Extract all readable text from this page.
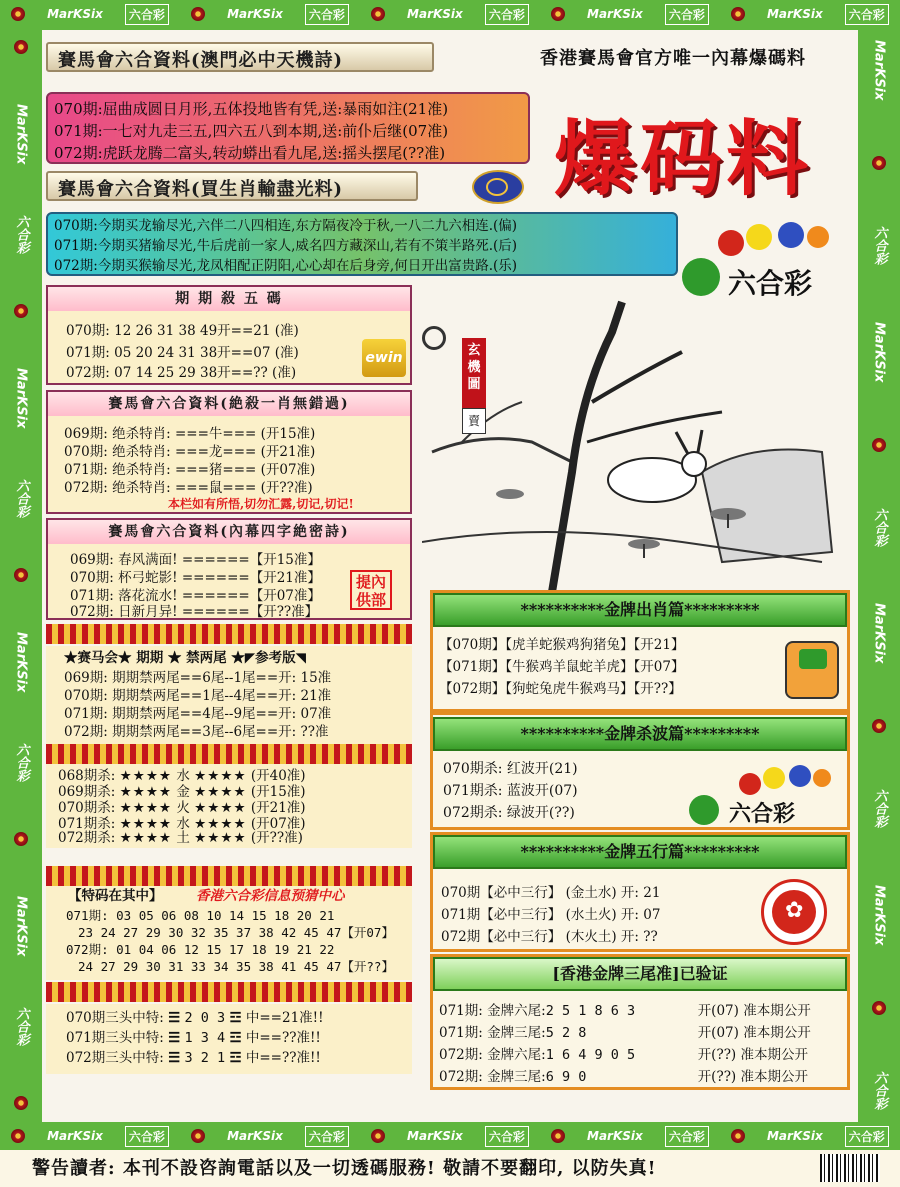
MarKSix	六合彩	MarKSix	六合彩	MarKSix	六合彩	MarKSix	六合彩	MarKSix	六合彩
MarKSix	六合彩	MarKSix	六合彩	MarKSix	六合彩	MarKSix	六合彩	MarKSix	六合彩
MarKSix
六合彩
MarKSix
六合彩
MarKSix
六合彩
MarKSix
六合彩
MarKSix
六合彩
MarKSix
六合彩
MarKSix
六合彩
MarKSix
六合彩
賽馬會六合資料(澳門必中天機詩)	香港賽馬會官方唯一內幕爆碼料
070期:屈曲成圆日月形,五体投地皆有凭,送:暴雨如注(21准)
071期:一七对九走三五,四六五八到本期,送:前仆后继(07准)
072期:虎跃龙腾二富头,转动蟒出看九尾,送:摇头摆尾(??准)	爆码料
賽馬會六合資料(買生肖輸盡光料)
070期:今期买龙输尽光,六伴二八四相连,东方隔夜冷于秋,一八二九六相连.(偏)
071期:今期买猪输尽光,牛后虎前一家人,威名四方藏深山,若有不策半路死.(后)
072期:今期买猴输尽光,龙凤相配正阴阳,心心却在后身旁,何日开出富贵路.(乐)
六合彩
期 期 殺 五 碼
070期: 12 26 31 38 49开==21 (准)
071期: 05 20 24 31 38开==07 (准)
072期: 07 14 25 29 38开==?? (准)
ewin
賽馬會六合資料(絶殺一肖無錯過)
069期: 绝杀特肖: ===牛=== (开15准)
070期: 绝杀特肖: ===龙=== (开21准)
071期: 绝杀特肖: ===猪=== (开07准)
072期: 绝杀特肖: ===鼠=== (开??准)
本栏如有所悟,切勿汇露,切记,切记!
賽馬會六合資料(內幕四字絶密詩)
069期: 春风满面! ======【开15准】
070期: 杯弓蛇影! ======【开21准】
071期: 落花流水! ======【开07准】
072期: 日新月异! ======【开??准】
提內供部
★赛马会★ 期期 ★ 禁两尾 ★◤参考版◥
069期: 期期禁两尾==6尾--1尾==开: 15准
070期: 期期禁两尾==1尾--4尾==开: 21准
071期: 期期禁两尾==4尾--9尾==开: 07准
072期: 期期禁两尾==3尾--6尾==开: ??准
068期杀: ★★★★ 水 ★★★★ (开40准)
069期杀: ★★★★ 金 ★★★★ (开15准)
070期杀: ★★★★ 火 ★★★★ (开21准)
071期杀: ★★★★ 水 ★★★★ (开07准)
072期杀: ★★★★ 土 ★★★★ (开??准)
【特码在其中】 香港六合彩信息预猜中心
071期: 03 05 06 08 10 14 15 18 20 21
23 24 27 29 30 32 35 37 38 42 45 47【开07】
072期: 01 04 06 12 15 17 18 19 21 22
24 27 29 30 31 33 34 35 38 41 45 47【开??】
070期三头中特: ☰ 2 0 3 ☲ 中==21准!!
071期三头中特: ☰ 1 3 4 ☲ 中==??准!!
072期三头中特: ☰ 3 2 1 ☲ 中==??准!!
玄機圖
賣
**********金牌出肖篇*********
【070期】【虎羊蛇猴鸡狗猪兔】【开21】
【071期】【牛猴鸡羊鼠蛇羊虎】【开07】
【072期】【狗蛇兔虎牛猴鸡马】【开??】
**********金牌杀波篇*********
070期杀: 红波开(21)
071期杀: 蓝波开(07)
072期杀: 绿波开(??)	六合彩
**********金牌五行篇*********
070期【必中三行】 (金土水) 开: 21
071期【必中三行】 (水土火) 开: 07
072期【必中三行】 (木火土) 开: ??
✿
[香港金牌三尾准]已验证
071期: 金牌六尾:2 5 1 8 6 3	开(07) 准本期公开
071期: 金牌三尾:5 2 8	开(07) 准本期公开
072期: 金牌六尾:1 6 4 9 0 5	开(??) 准本期公开
072期: 金牌三尾:6 9 0	开(??) 准本期公开
警告讀者: 本刊不設咨詢電話以及一切透碼服務! 敬請不要翻印, 以防失真!
